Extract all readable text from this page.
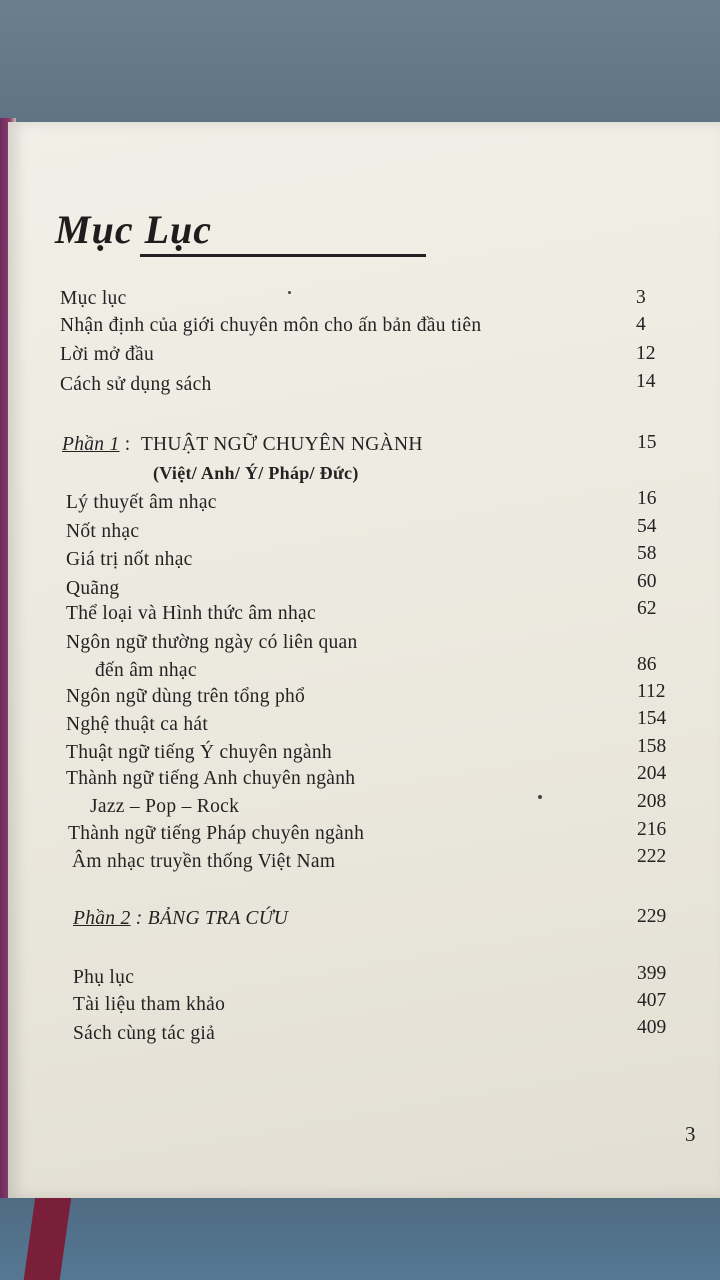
Mục Lục
Mục lục	3
Nhận định của giới chuyên môn cho ấn bản đầu tiên	4
Lời mở đầu	12
Cách sử dụng sách	14
Phần 1 :  THUẬT NGỮ CHUYÊN NGÀNH	15
(Việt/ Anh/ Ý/ Pháp/ Đức)
Lý thuyết âm nhạc	16
Nốt nhạc	54
Giá trị nốt nhạc	58
Quãng	60
Thể loại và Hình thức âm nhạc	62
Ngôn ngữ thường ngày có liên quan
đến âm nhạc	86
Ngôn ngữ dùng trên tổng phổ	112
Nghệ thuật ca hát	154
Thuật ngữ tiếng Ý chuyên ngành	158
Thành ngữ tiếng Anh chuyên ngành	204
Jazz – Pop – Rock	208
Thành ngữ tiếng Pháp chuyên ngành	216
Âm nhạc truyền thống Việt Nam	222
Phần 2 : BẢNG TRA CỨU	229
Phụ lục	399
Tài liệu tham khảo	407
Sách cùng tác giả	409
3
